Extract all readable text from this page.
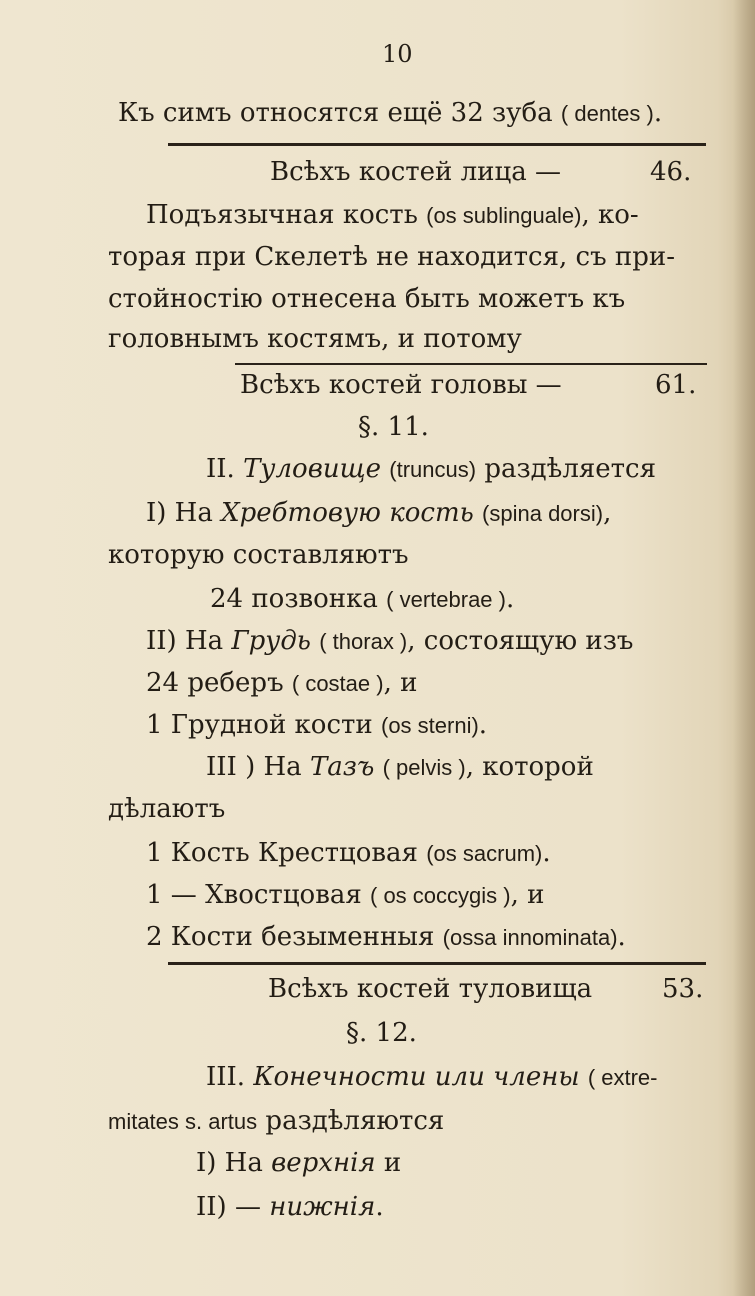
10
Къ симъ относятся ещё 32 зуба ( dentes ).
Всѣхъ костей лица —	46.
Подъязычная кость (os sublinguale), ко-
торая при Скелетѣ не находится, съ при-
стойностію отнесена быть можетъ къ
головнымъ костямъ, и потому
Всѣхъ костей головы —	61.
§. 11.
II. Туловище (truncus) раздѣляется
I) На Хребтовую кость (spina dorsi),
которую составляютъ
24 позвонка ( vertebrae ).
II) На Грудь ( thorax ), состоящую изъ
24 реберъ ( costae ), и
1 Грудной кости (os sterni).
III ) На Тазъ ( pelvis ), которой
дѣлаютъ
1 Кость Крестцовая (os sacrum).
1 — Хвостцовая ( os coccygis ), и
2 Кости безыменныя (ossa innominata).
Всѣхъ костей туловища	53.
§. 12.
III. Конечности или члены ( extre-
mitates s. artus раздѣляются
I) На верхнія и
II) — нижнія.
